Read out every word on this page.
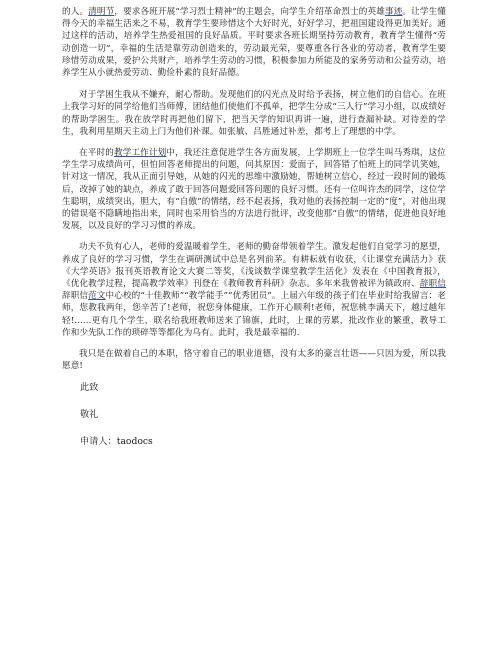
的人。清明节，要求各班开展“学习烈士精神”的主题会，向学生介绍革命烈士的英雄事迹。让学生懂得今天的幸福生活来之不易，教育学生要珍惜这个大好时光，好好学习，把祖国建设得更加美好。通过这样的活动，培养学生热爱祖国的良好品质。平时要求各班长期坚持劳动教育，教育学生懂得“劳动创造一切”，幸福的生活是靠劳动创造来的，劳动最光荣，要尊重各行各业的劳动者，教育学生要珍惜劳动成果，爱护公共财产，培养学生劳动的习惯，积极参加力所能及的家务劳动和公益劳动，培养学生从小就热爱劳动、勤俭朴素的良好品德。

对于学困生我从不嫌弃，耐心帮助。发现他们的闪光点及时给予表扬，树立他们的自信心。在班上我学习好的同学给他们当师傅，团结他们使他们不孤单，把学生分成“三人行”学习小组，以成绩好的帮助学困生。我在放学时再把他们留下，把当天学的知识再讲一遍，进行查漏补缺。对待差的学生，我利用星期天主动上门为他们补课。如张敏、吕胜通过补差，都考上了理想的中学。

在平时的教学工作计划中，我还注意促进学生各方面发展，上学期班上一位学生叫马秀琪，这位学生学习成绩尚可，但怕回答老师提出的问题，问其原因：爱面子，回答错了怕班上的同学讥笑她，针对这一情况，我从正面引导她，从她的闪光的思维中激励她，帮她树立信心，经过一段时间的锻炼后，改掉了她的缺点，养成了敢于回答问题爱回答问题的良好习惯。还有一位叫许杰的同学，这位学生聪明，成绩突出，胆大，有“自傲”的情绪，经不起表扬，我对他的表扬控制一定的“度”，对他出现的错误毫不隐瞒地指出来，同时也采用恰当的方法进行批评，改变他那“自傲”的情绪，促进他良好地发展，以及良好的学习习惯的养成。

功夫不负有心人，老师的爱温暖着学生，老师的勤奋带领着学生。激发起他们自觉学习的愿望，养成了良好的学习习惯，学生在调研测试中总是名列前茅。有耕耘就有收获，《让课堂充满活力》获《大学英语》报刊英语教育论文大赛二等奖，《浅谈数学课堂教学生活化》发表在《中国教育报》，《优化教学过程，提高教学效率》刊登在《教师教育科研》杂志。多年来我曾被评为镇政府、辞职信辞职信范文中心校的“十佳教师”“教学能手”“优秀团员”。上届六年级的孩子们在毕业时给我留言：老师，您教我两年，您辛苦了!老师，祝您身体健康，工作开心顺利!老师，祝您桃李满天下，越过越年轻!......更有几个学生，联名给我班教师送来了锦旗，此时，上课的劳累，批改作业的繁重，教导工作和少先队工作的琐碎等等都化为乌有。此时，我是最幸福的.

我只是在做着自己的本职，恪守着自己的职业道德，没有太多的豪言壮语——只因为爱，所以我愿意!

此致

敬礼

申请人：taodocs
